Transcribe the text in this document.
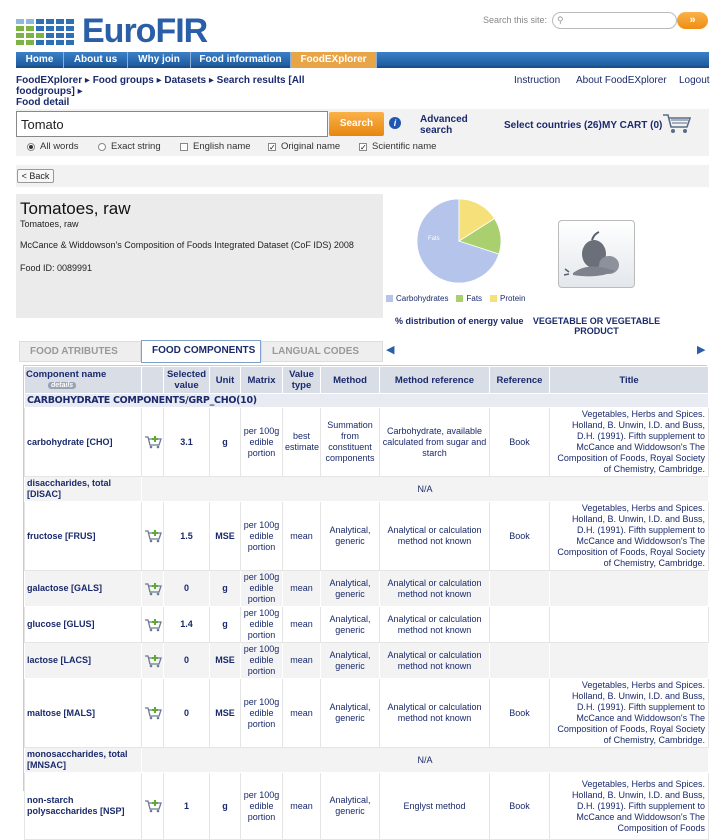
EuroFIR	Search this site: ⚲	»
Home	About us	Why join	Food information	FoodEXplorer
FoodEXplorer ▸ Food groups ▸ Datasets ▸ Search results [All foodgroups] ▸
Food detail
Instruction About FoodEXplorer Logout
Tomato	Search	i	Advanced search	Select countries (26) MY CART (0)
All words	Exact string	English name ✓ Original name ✓ Scientific name
< Back
Tomatoes, raw
Tomatoes, raw
McCance & Widdowson's Composition of Foods Integrated Dataset (CoF IDS) 2008
Food ID: 0089991
Fats
Carbohydrates	Fats	Protein
% distribution of energy value	VEGETABLE OR VEGETABLE PRODUCT
FOOD ATRIBUTES	FOOD COMPONENTS	LANGUAL CODES	◀	▶
Component name details		Selected value	Unit	Matrix	Value type	Method	Method reference	Reference	Title
CARBOHYDRATE COMPONENTS/GRP_CHO(10)									
carbohydrate [CHO]		3.1	g	per 100g edible portion	best estimate	Summation from constituent components	Carbohydrate, available calculated from sugar and starch	Book	Vegetables, Herbs and Spices. Holland, B. Unwin, I.D. and Buss, D.H. (1991). Fifth supplement to McCance and Widdowson's The Composition of Foods, Royal Society of Chemistry, Cambridge.
disaccharides, total [DISAC]	N/A								
fructose [FRUS]		1.5	MSE	per 100g edible portion	mean	Analytical, generic	Analytical or calculation method not known	Book	Vegetables, Herbs and Spices. Holland, B. Unwin, I.D. and Buss, D.H. (1991). Fifth supplement to McCance and Widdowson's The Composition of Foods, Royal Society of Chemistry, Cambridge.
galactose [GALS]		0	g	per 100g edible portion	mean	Analytical, generic	Analytical or calculation method not known		
glucose [GLUS]		1.4	g	per 100g edible portion	mean	Analytical, generic	Analytical or calculation method not known		
lactose [LACS]		0	MSE	per 100g edible portion	mean	Analytical, generic	Analytical or calculation method not known		
maltose [MALS]		0	MSE	per 100g edible portion	mean	Analytical, generic	Analytical or calculation method not known	Book	Vegetables, Herbs and Spices. Holland, B. Unwin, I.D. and Buss, D.H. (1991). Fifth supplement to McCance and Widdowson's The Composition of Foods, Royal Society of Chemistry, Cambridge.
monosaccharides, total [MNSAC]	N/A								
non-starch polysaccharides [NSP]		1	g	per 100g edible portion	mean	Analytical, generic	Englyst method	Book	Vegetables, Herbs and Spices. Holland, B. Unwin, I.D. and Buss, D.H. (1991). Fifth supplement to McCance and Widdowson's The Composition of Foods
